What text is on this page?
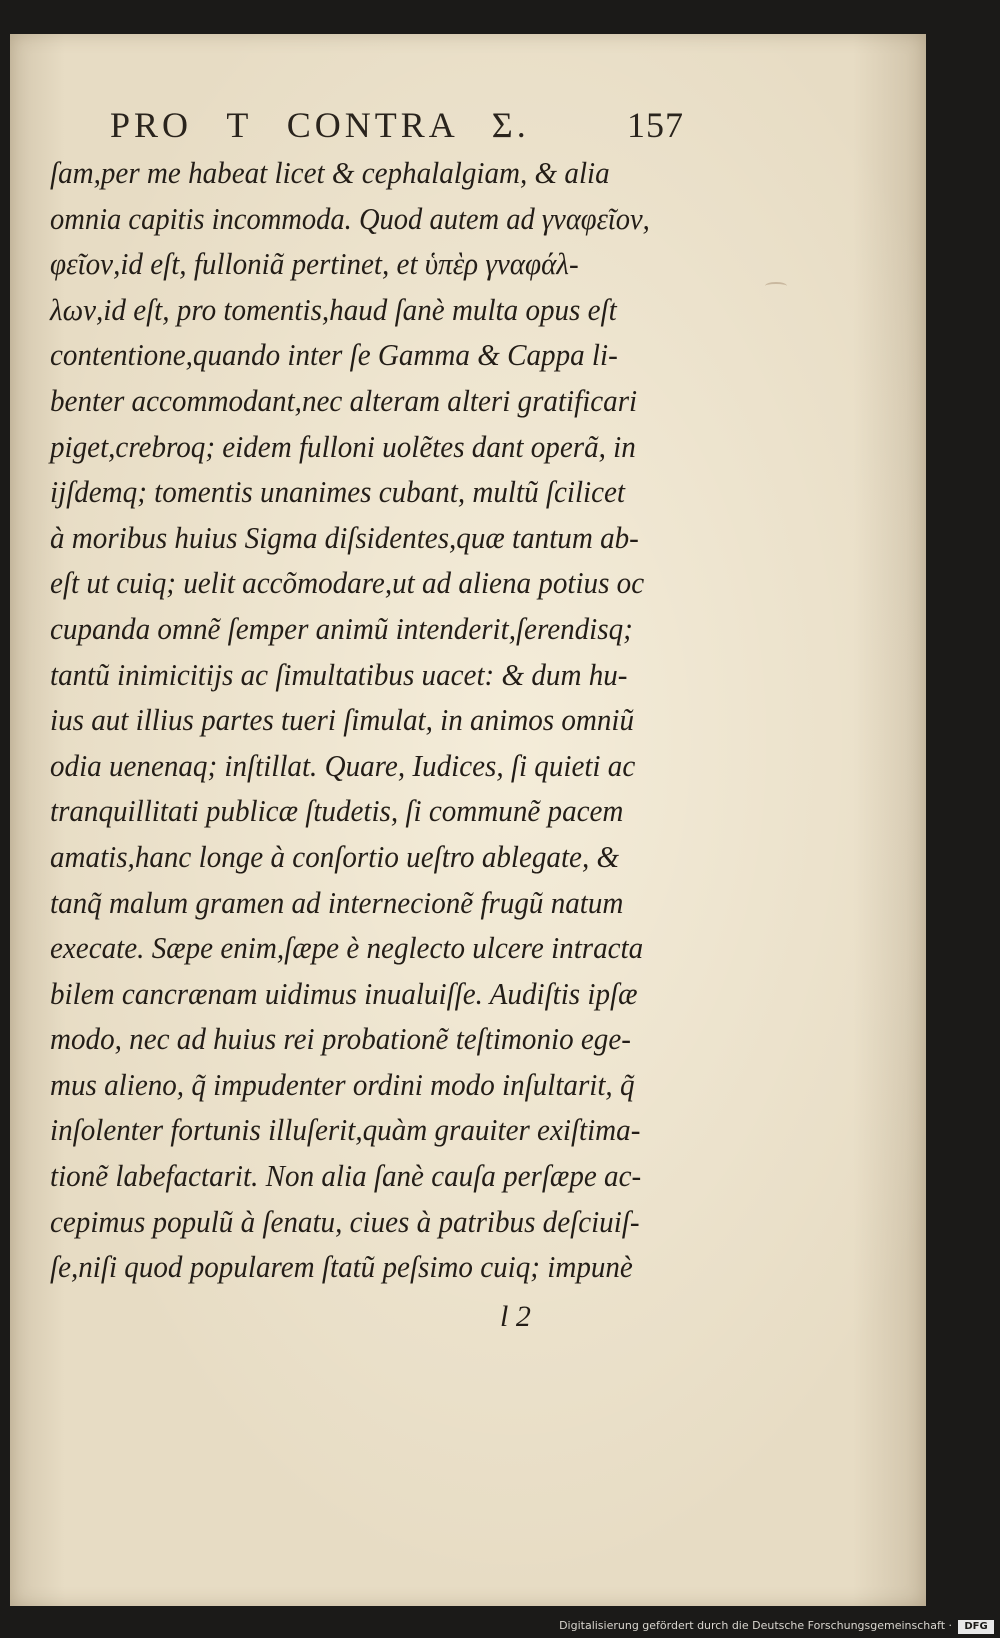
PRO T CONTRA Σ.	157
ſam,per me habeat licet & cephalalgiam, & alia
omnia capitis incommoda. Quod autem ad γναφεῖον,
φεῖον,id eſt, fulloniã pertinet, et ὑπὲρ γναφάλ-
λων,id eſt, pro tomentis,haud ſanè multa opus eſt
contentione,quando inter ſe Gamma & Cappa li-
benter accommodant,nec alteram alteri gratificari
piget,crebroq; eidem fulloni uolẽtes dant operã, in
ijſdemq; tomentis unanimes cubant, multũ ſcilicet
à moribus huius Sigma diſsidentes,quæ tantum ab-
eſt ut cuiq; uelit accõmodare,ut ad aliena potius oc
cupanda omnẽ ſemper animũ intenderit,ſerendisq;
tantũ inimicitijs ac ſimultatibus uacet: & dum hu-
ius aut illius partes tueri ſimulat, in animos omniũ
odia uenenaq; inſtillat. Quare, Iudices, ſi quieti ac
tranquillitati publicæ ſtudetis, ſi communẽ pacem
amatis,hanc longe à conſortio ueſtro ablegate, &
tanq̃ malum gramen ad internecionẽ frugũ natum
execate. Sæpe enim,ſæpe è neglecto ulcere intracta
bilem cancrænam uidimus inualuiſſe. Audiſtis ipſæ
modo, nec ad huius rei probationẽ teſtimonio ege-
mus alieno, q̃ impudenter ordini modo inſultarit, q̃
inſolenter fortunis illuſerit,quàm grauiter exiſtima-
tionẽ labefactarit. Non alia ſanè cauſa perſæpe ac-
cepimus populũ à ſenatu, ciues à patribus deſciuiſ-
ſe,niſi quod popularem ſtatũ peſsimo cuiq; impunè
l 2
Digitalisierung gefördert durch die Deutsche Forschungsgemeinschaft ·	DFG
